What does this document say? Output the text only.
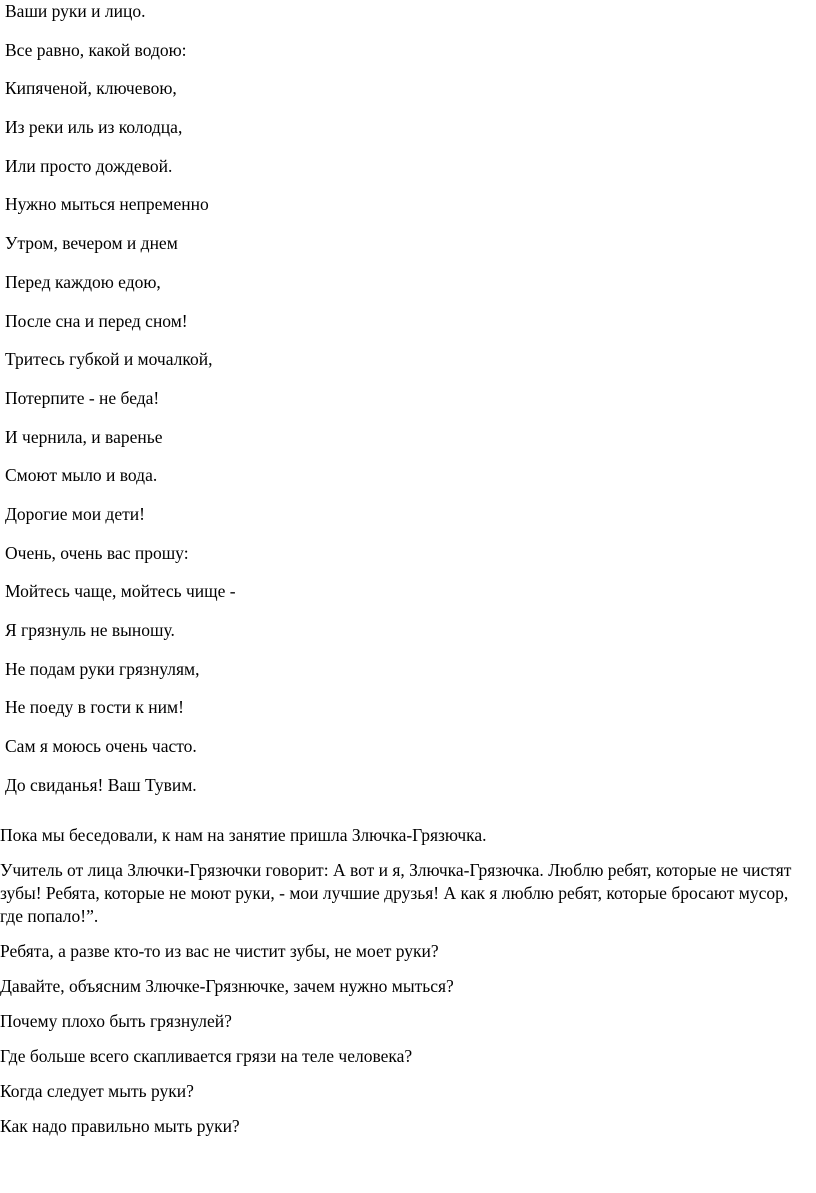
Ваши руки и лицо.
Все равно, какой водою:
Кипяченой, ключевою,
Из реки иль из колодца,
Или просто дождевой.
Нужно мыться непременно
Утром, вечером и днем
Перед каждою едою,
После сна и перед сном!
Тритесь губкой и мочалкой,
Потерпите - не беда!
И чернила, и варенье
Смоют мыло и вода.
Дорогие мои дети!
Очень, очень вас прошу:
Мойтесь чаще, мойтесь чище -
Я грязнуль не выношу.
Не подам руки грязнулям,
Не поеду в гости к ним!
Сам я моюсь очень часто.
До свиданья! Ваш Тувим.

Пока мы беседовали, к нам на занятие пришла Злючка-Грязючка.

Учитель от лица Злючки-Грязючки говорит: А вот и я, Злючка-Грязючка. Люблю ребят, которые не чистят зубы! Ребята, которые не моют руки, - мои лучшие друзья! А как я люблю ребят, которые бросают мусор, где попало!”.

Ребята, а разве кто-то из вас не чистит зубы, не моет руки?

Давайте, объясним Злючке-Грязнючке, зачем нужно мыться?

Почему плохо быть грязнулей?

Где больше всего скапливается грязи на теле человека?

Когда следует мыть руки?

Как надо правильно мыть руки?
